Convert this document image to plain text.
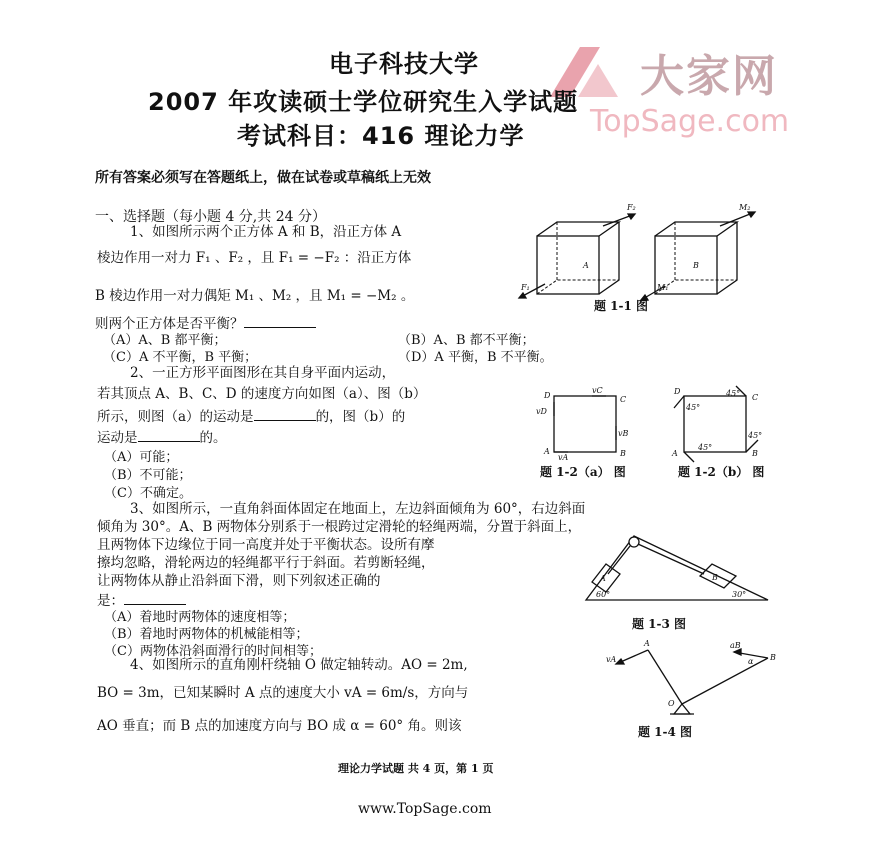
大家网
TopSage.com
电子科技大学
2007 年攻读硕士学位研究生入学试题
考试科目：416 理论力学
所有答案必须写在答题纸上，做在试卷或草稿纸上无效
一、选择题（每小题 4 分,共 24 分）
1、如图所示两个正方体 A 和 B，沿正方体 A
棱边作用一对力 F₁ 、F₂ ，且 F₁ = −F₂ ：沿正方体
B 棱边作用一对力偶矩 M₁ 、M₂ ，且 M₁ = −M₂ 。
则两个正方体是否平衡？
（A）A、B 都平衡；	（B）A、B 都不平衡；
（C）A 不平衡，B 平衡；	（D）A 平衡，B 不平衡。
F₂
F₁
A
M₂
M₁
B
题 1-1 图
2、一正方形平面图形在其自身平面内运动，
若其顶点 A、B、C、D 的速度方向如图（a）、图（b）
所示，则图（a）的运动是	的，图（b）的
运动是	的。
（A）可能；
（B）不可能；
（C）不确定。
D	C
A	B
vC
vD
vB
vA
题 1-2（a） 图
D
C
A	B
45°
45°
45°
45°
题 1-2（b） 图
3、如图所示，一直角斜面体固定在地面上，左边斜面倾角为 60°，右边斜面
倾角为 30°。A、B 两物体分别系于一根跨过定滑轮的轻绳两端，分置于斜面上，
且两物体下边缘位于同一高度并处于平衡状态。设所有摩
擦均忽略，滑轮两边的轻绳都平行于斜面。若剪断轻绳，
让两物体从静止沿斜面下滑，则下列叙述正确的
是：
（A）着地时两物体的速度相等；
（B）着地时两物体的机械能相等；
（C）两物体沿斜面滑行的时间相等；
A	B
60°	30°
题 1-3 图
4、如图所示的直角刚杆绕轴 O 做定轴转动。AO = 2m,
BO = 3m，已知某瞬时 A 点的速度大小 vA = 6m/s，方向与
AO 垂直；而 B 点的加速度方向与 BO 成 α = 60° 角。则该
A
B
O
vA
aB
α
题 1-4 图
理论力学试题 共 4 页，第 1 页
www.TopSage.com
